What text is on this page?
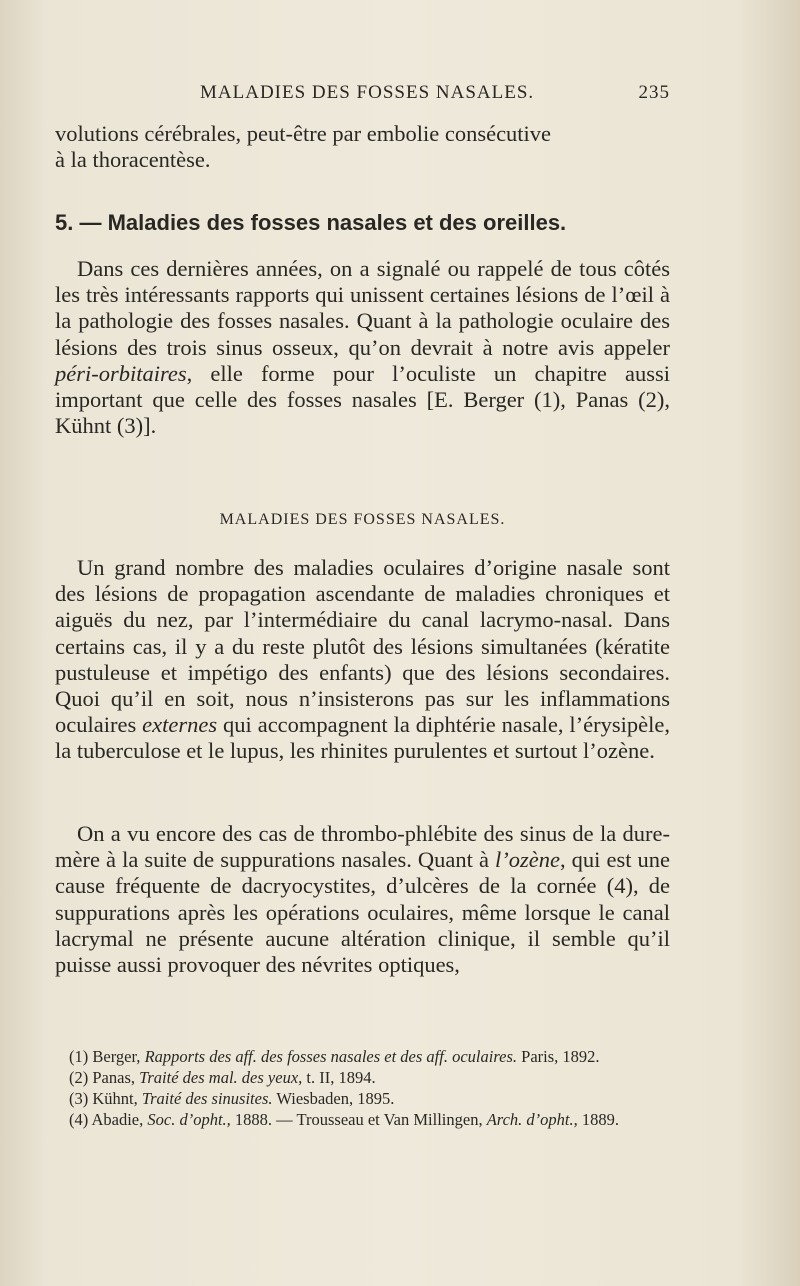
MALADIES DES FOSSES NASALES.	235

volutions cérébrales, peut-être par embolie consécutive

à la thoracentèse.

5. — Maladies des fosses nasales et des oreilles.

Dans ces dernières années, on a signalé ou rappelé de tous côtés les très intéressants rapports qui unissent certaines lésions de l’œil à la pathologie des fosses nasales. Quant à la pathologie oculaire des lésions des trois sinus osseux, qu’on devrait à notre avis appeler péri-orbitaires, elle forme pour l’oculiste un chapitre aussi important que celle des fosses nasales [E. Berger (1), Panas (2), Kühnt (3)].

MALADIES DES FOSSES NASALES.

Un grand nombre des maladies oculaires d’origine nasale sont des lésions de propagation ascendante de maladies chroniques et aiguës du nez, par l’intermédiaire du canal lacrymo-nasal. Dans certains cas, il y a du reste plutôt des lésions simultanées (kératite pustuleuse et impétigo des enfants) que des lésions secondaires. Quoi qu’il en soit, nous n’insisterons pas sur les inflammations oculaires externes qui accompagnent la diphtérie nasale, l’érysipèle, la tuberculose et le lupus, les rhinites purulentes et surtout l’ozène.

On a vu encore des cas de thrombo-phlébite des sinus de la dure-mère à la suite de suppurations nasales. Quant à l’ozène, qui est une cause fréquente de dacryocystites, d’ulcères de la cornée (4), de suppurations après les opérations oculaires, même lorsque le canal lacrymal ne présente aucune altération clinique, il semble qu’il puisse aussi provoquer des névrites optiques,

(1) Berger, Rapports des aff. des fosses nasales et des aff. oculaires. Paris, 1892.

(2) Panas, Traité des mal. des yeux, t. II, 1894.

(3) Kühnt, Traité des sinusites. Wiesbaden, 1895.

(4) Abadie, Soc. d’opht., 1888. — Trousseau et Van Millingen, Arch. d’opht., 1889.
